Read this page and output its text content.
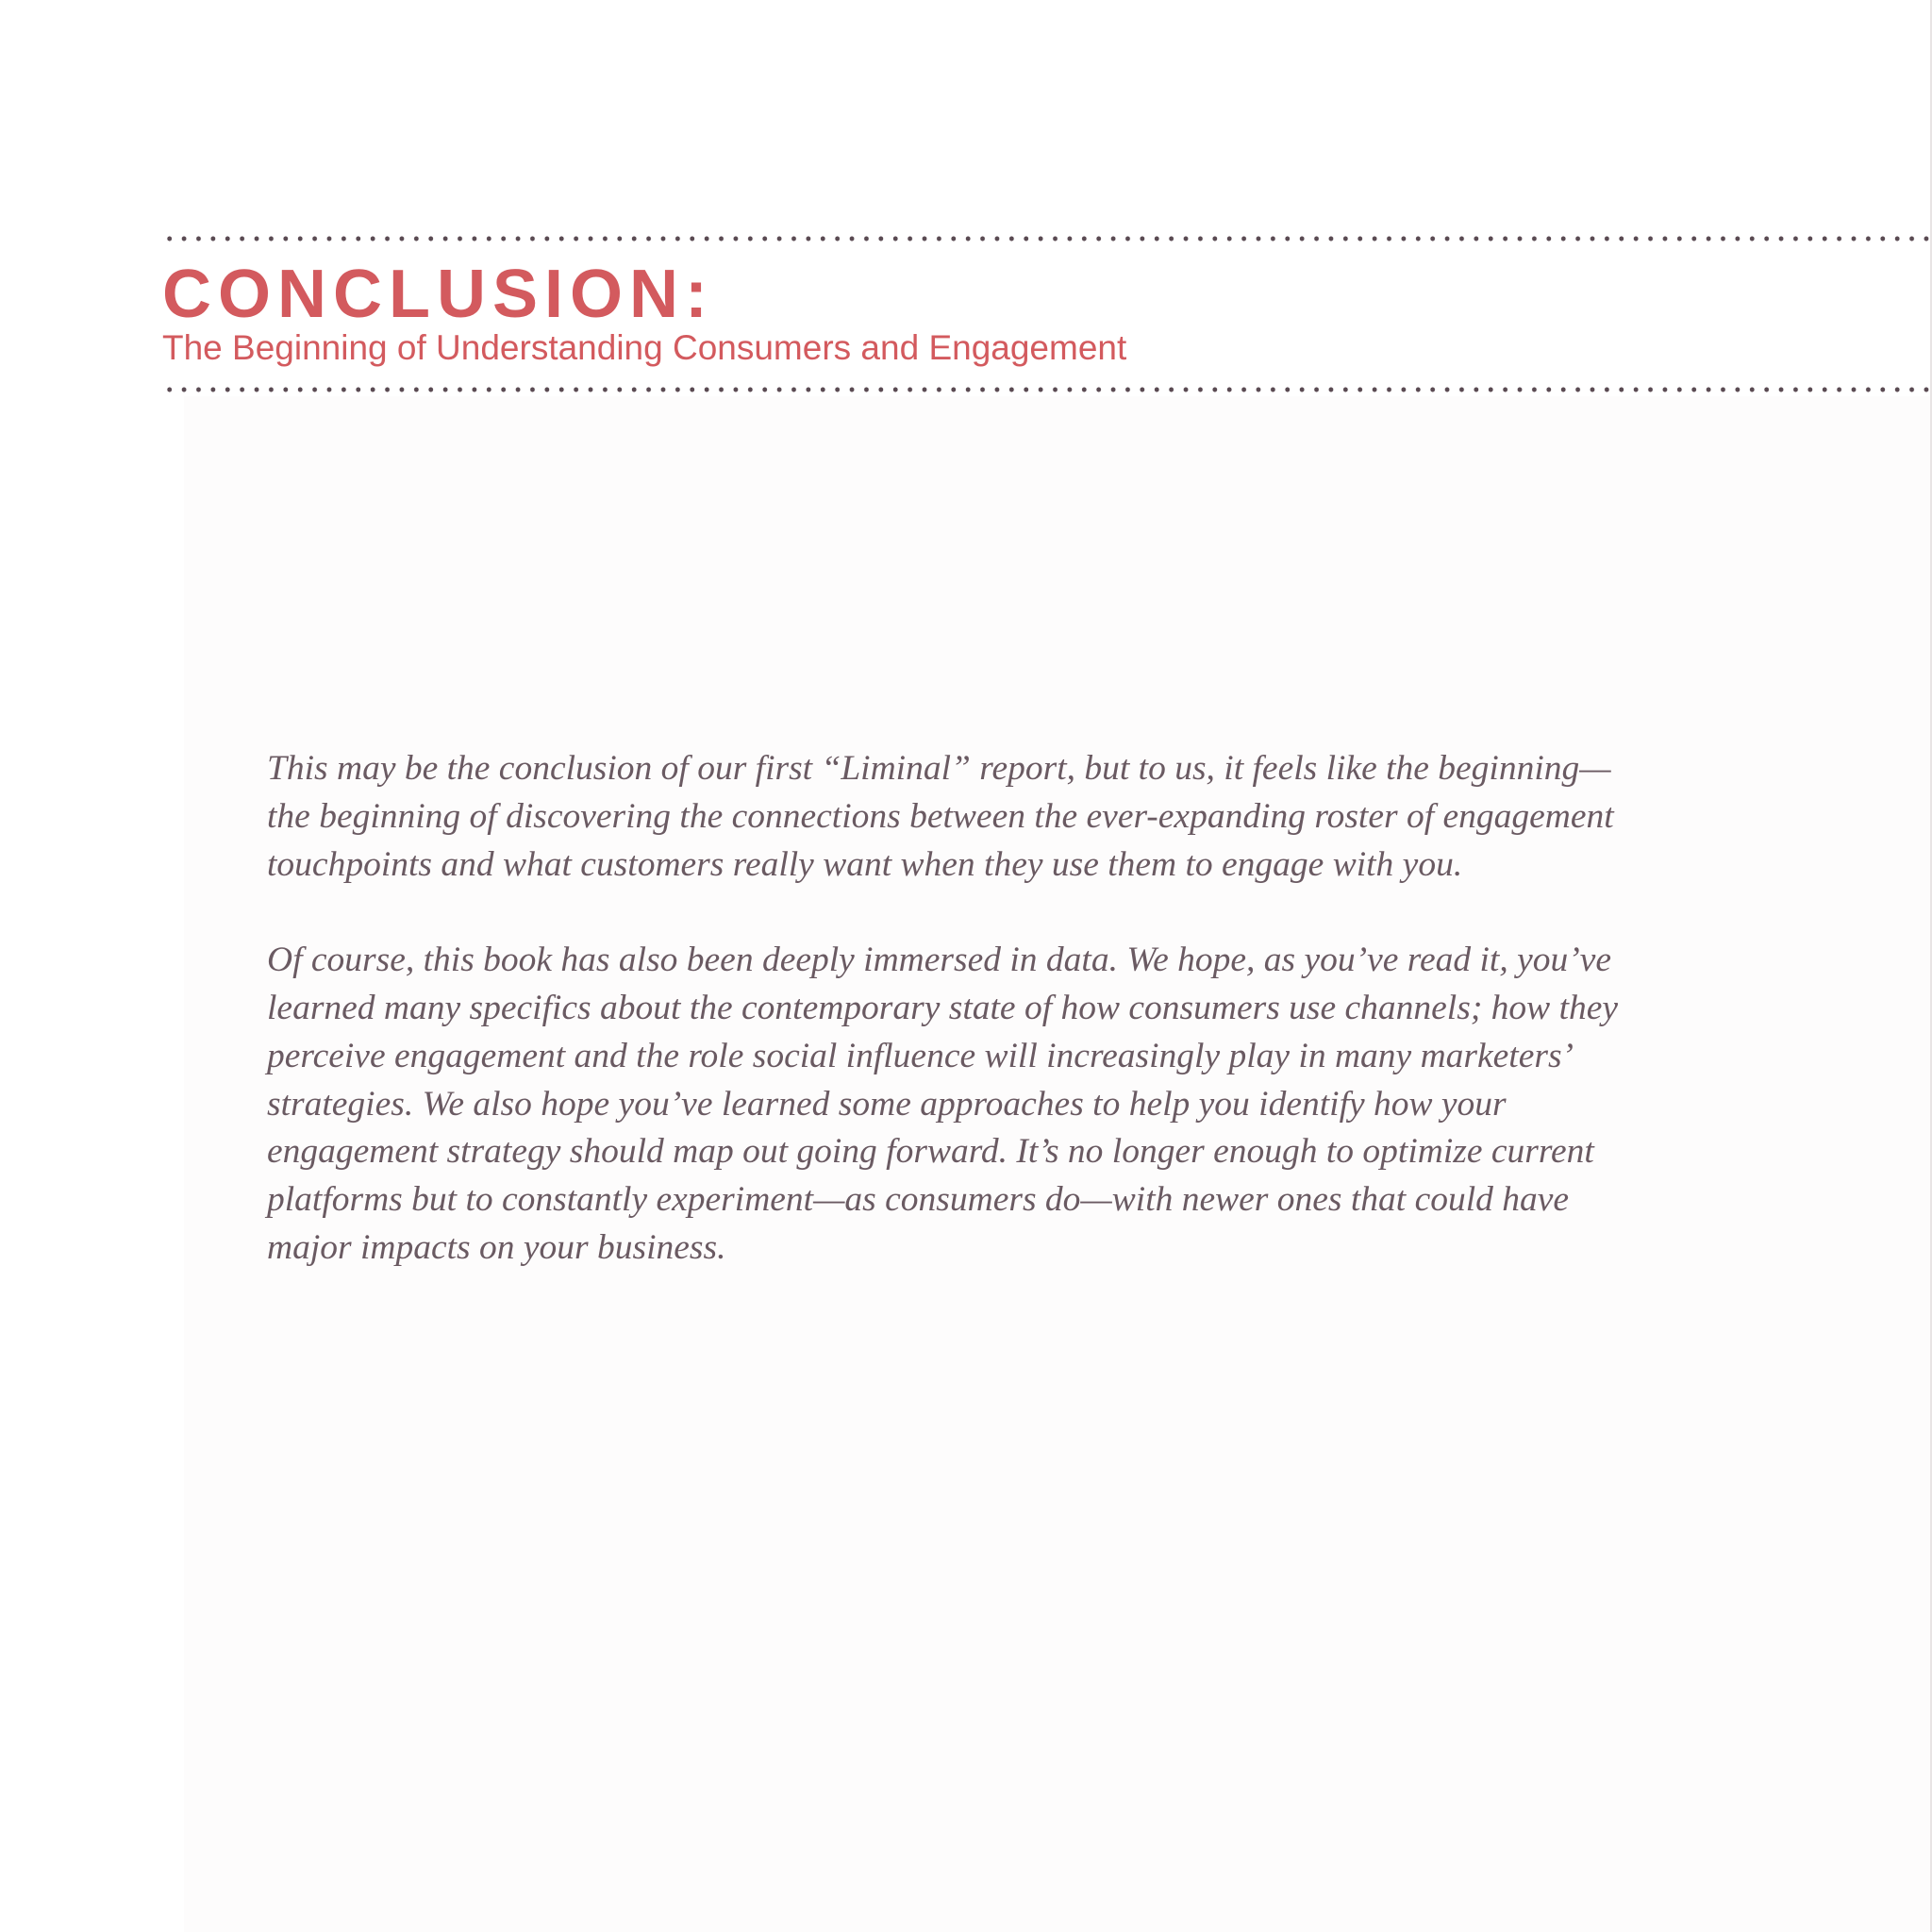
CONCLUSION:
The Beginning of Understanding Consumers and Engagement

This may be the conclusion of our first “Liminal” report, but to us, it feels like the beginning—

the beginning of discovering the connections between the ever-expanding roster of engagement

touchpoints and what customers really want when they use them to engage with you.

Of course, this book has also been deeply immersed in data. We hope, as you’ve read it, you’ve

learned many specifics about the contemporary state of how consumers use channels; how they

perceive engagement and the role social influence will increasingly play in many marketers’

strategies. We also hope you’ve learned some approaches to help you identify how your

engagement strategy should map out going forward. It’s no longer enough to optimize current

platforms but to constantly experiment—as consumers do—with newer ones that could have

major impacts on your business.
